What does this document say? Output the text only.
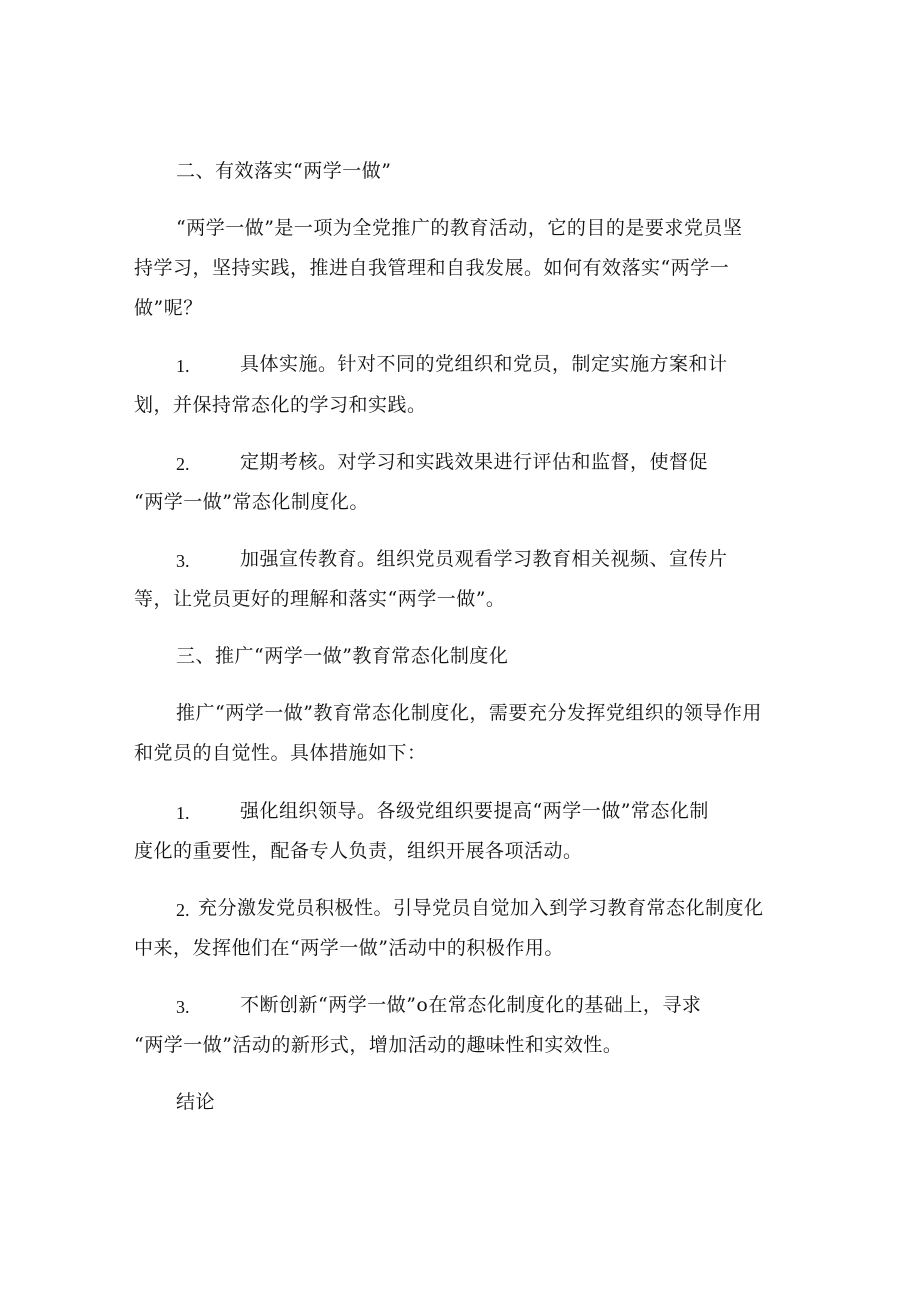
二、有效落实“两学一做”
“两学一做”是一项为全党推广的教育活动，它的目的是要求党员坚
持学习，坚持实践，推进自我管理和自我发展。如何有效落实“两学一
做”呢？
1.	具体实施。针对不同的党组织和党员，制定实施方案和计
划，并保持常态化的学习和实践。
2.	定期考核。对学习和实践效果进行评估和监督，使督促
“两学一做”常态化制度化。
3.	加强宣传教育。组织党员观看学习教育相关视频、宣传片
等，让党员更好的理解和落实“两学一做”。
三、推广“两学一做”教育常态化制度化
推广“两学一做”教育常态化制度化，需要充分发挥党组织的领导作用
和党员的自觉性。具体措施如下：
1.	强化组织领导。各级党组织要提高“两学一做”常态化制
度化的重要性，配备专人负责，组织开展各项活动。
2. 充分激发党员积极性。引导党员自觉加入到学习教育常态化制度化
中来，发挥他们在“两学一做”活动中的积极作用。
3.	不断创新“两学一做”o在常态化制度化的基础上，寻求
“两学一做”活动的新形式，增加活动的趣味性和实效性。
结论
